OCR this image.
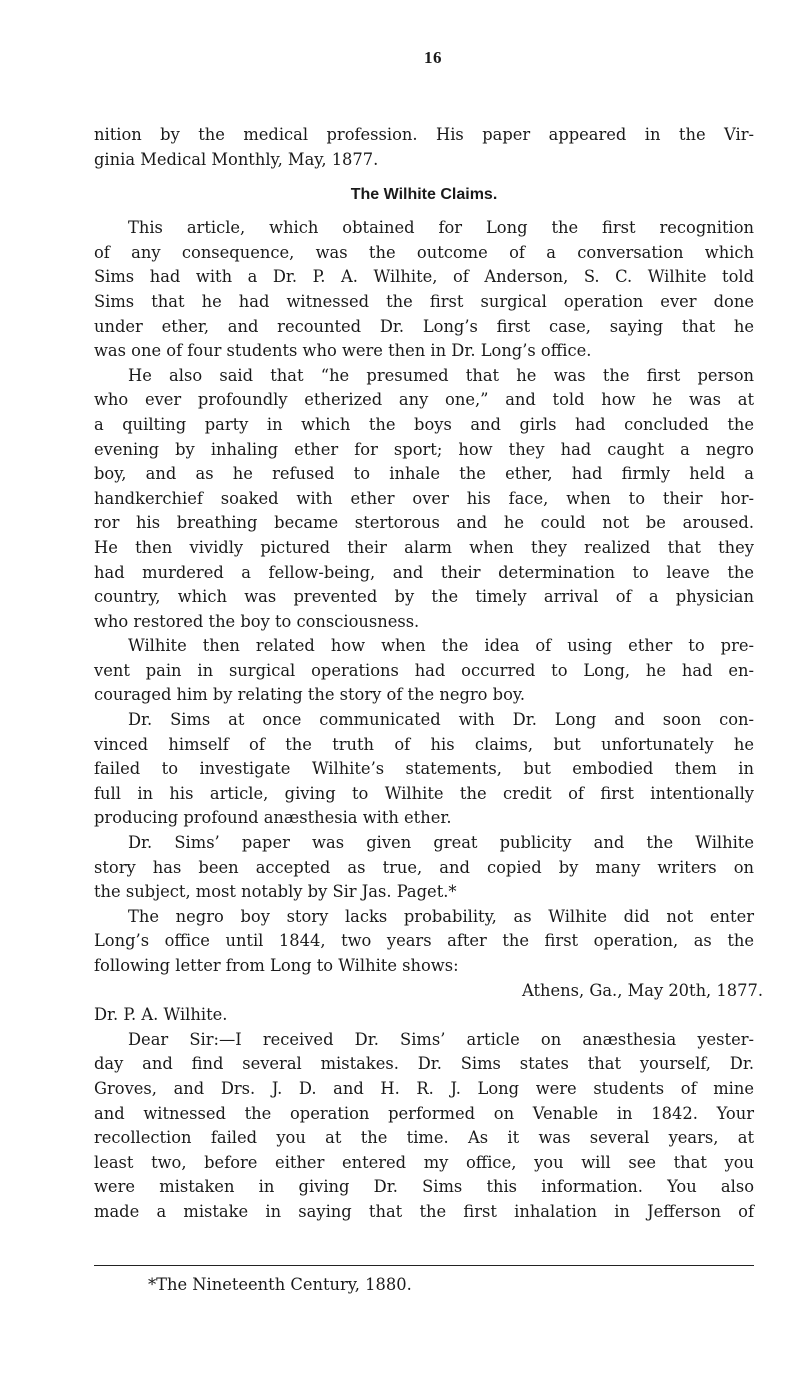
16
nition by the medical profession. His paper appeared in the Vir-
ginia Medical Monthly, May, 1877.
The Wilhite Claims.
This article, which obtained for Long the first recognition
of any consequence, was the outcome of a conversation which
Sims had with a Dr. P. A. Wilhite, of Anderson, S. C. Wilhite told
Sims that he had witnessed the first surgical operation ever done
under ether, and recounted Dr. Long’s first case, saying that he
was one of four students who were then in Dr. Long’s office.
He also said that “he presumed that he was the first person
who ever profoundly etherized any one,” and told how he was at
a quilting party in which the boys and girls had concluded the
evening by inhaling ether for sport; how they had caught a negro
boy, and as he refused to inhale the ether, had firmly held a
handkerchief soaked with ether over his face, when to their hor-
ror his breathing became stertorous and he could not be aroused.
He then vividly pictured their alarm when they realized that they
had murdered a fellow-being, and their determination to leave the
country, which was prevented by the timely arrival of a physician
who restored the boy to consciousness.
Wilhite then related how when the idea of using ether to pre-
vent pain in surgical operations had occurred to Long, he had en-
couraged him by relating the story of the negro boy.
Dr. Sims at once communicated with Dr. Long and soon con-
vinced himself of the truth of his claims, but unfortunately he
failed to investigate Wilhite’s statements, but embodied them in
full in his article, giving to Wilhite the credit of first intentionally
producing profound anæsthesia with ether.
Dr. Sims’ paper was given great publicity and the Wilhite
story has been accepted as true, and copied by many writers on
the subject, most notably by Sir Jas. Paget.*
The negro boy story lacks probability, as Wilhite did not enter
Long’s office until 1844, two years after the first operation, as the
following letter from Long to Wilhite shows:
Athens, Ga., May 20th, 1877.
Dr. P. A. Wilhite.
Dear Sir:—I received Dr. Sims’ article on anæsthesia yester-
day and find several mistakes. Dr. Sims states that yourself, Dr.
Groves, and Drs. J. D. and H. R. J. Long were students of mine
and witnessed the operation performed on Venable in 1842. Your
recollection failed you at the time. As it was several years, at
least two, before either entered my office, you will see that you
were mistaken in giving Dr. Sims this information. You also
made a mistake in saying that the first inhalation in Jefferson of
*The Nineteenth Century, 1880.
